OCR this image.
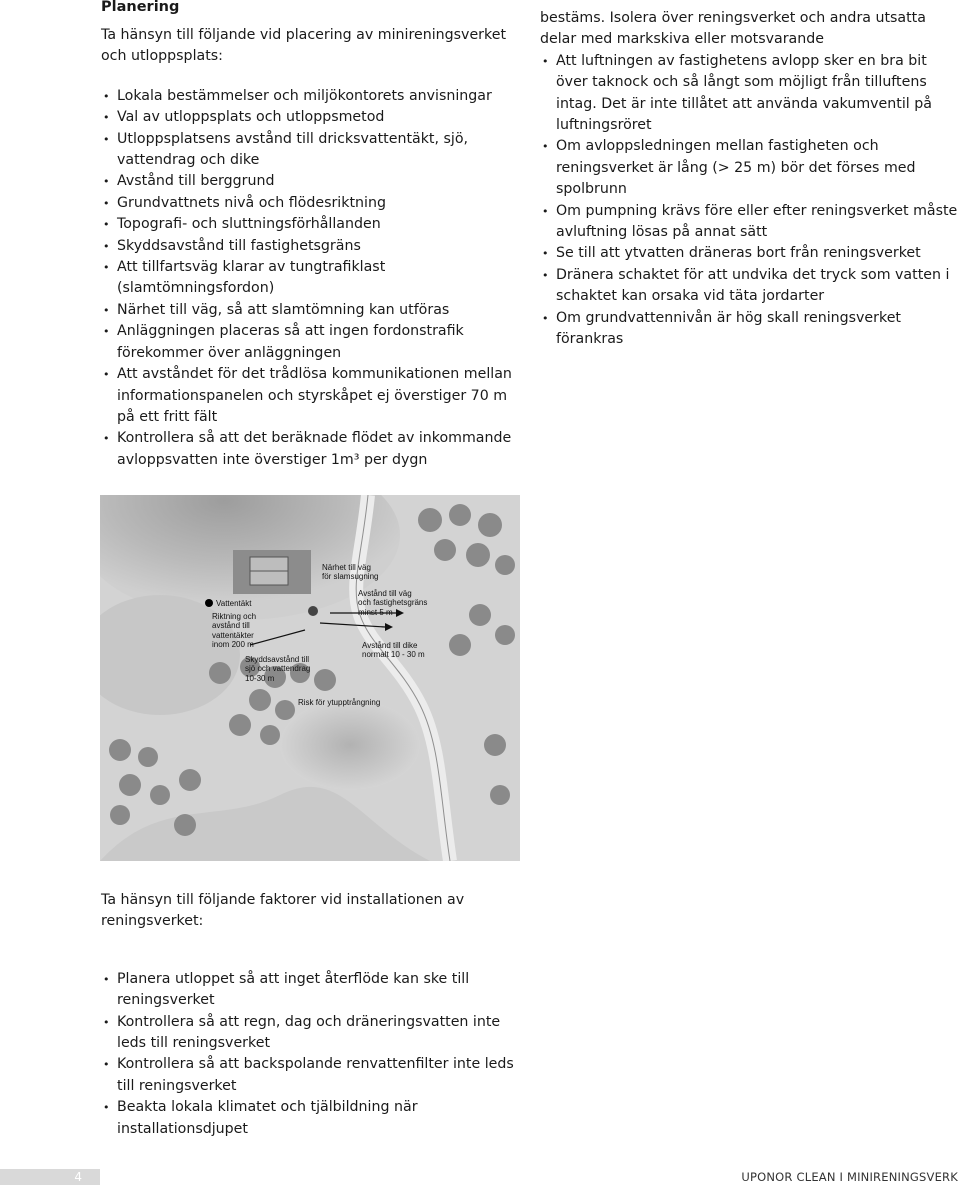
Planering

Ta hänsyn till följande vid placering av minireningsverket och utloppsplats:

• Lokala bestämmelser och miljökontorets anvisningar
• Val av utloppsplats och utloppsmetod
• Utloppsplatsens avstånd till dricksvattentäkt, sjö, vattendrag och dike
• Avstånd till berggrund
• Grundvattnets nivå och flödesriktning
• Topografi- och sluttningsförhållanden
• Skyddsavstånd till fastighetsgräns
• Att tillfartsväg klarar av tungtrafiklast (slamtömningsfordon)
• Närhet till väg, så att slamtömning kan utföras
• Anläggningen placeras så att ingen fordonstrafik förekommer över anläggningen
• Att avståndet för det trådlösa kommunikationen mellan informationspanelen och styrskåpet ej överstiger 70 m på ett fritt fält
• Kontrollera så att det beräknade flödet av inkommande avloppsvatten inte överstiger 1m³ per dygn

bestäms. Isolera över reningsverket och andra utsatta delar med markskiva eller motsvarande

• Att luftningen av fastighetens avlopp sker en bra bit över taknock och så långt som möjligt från tilluftens intag. Det är inte tillåtet att använda vakumventil på luftningsröret
• Om avloppsledningen mellan fastigheten och reningsverket är lång (> 25 m) bör det förses med spolbrunn
• Om pumpning krävs före eller efter reningsverket måste avluftning lösas på annat sätt
• Se till att ytvatten dräneras bort från reningsverket
• Dränera schaktet för att undvika det tryck som vatten i schaktet kan orsaka vid täta jordarter
• Om grundvattennivån är hög skall reningsverket förankras
Närhet till väg
för slamsugning
Vattentäkt
Riktning och
avstånd till
vattentäkter
inom 200 m
Avstånd till väg
och fastighetsgräns
minst 5 m
Avstånd till dike
normalt 10 - 30 m
Skyddsavstånd till
sjö och vattendrag
10-30 m
Risk för ytupptrångning

Ta hänsyn till följande faktorer vid installationen av reningsverket:

• Planera utloppet så att inget återflöde kan ske till reningsverket
• Kontrollera så att regn, dag och dräneringsvatten inte leds till reningsverket
• Kontrollera så att backspolande renvattenfilter inte leds till reningsverket
• Beakta lokala klimatet och tjälbildning när installationsdjupet
4	UPONOR CLEAN I MINIRENINGSVERK
